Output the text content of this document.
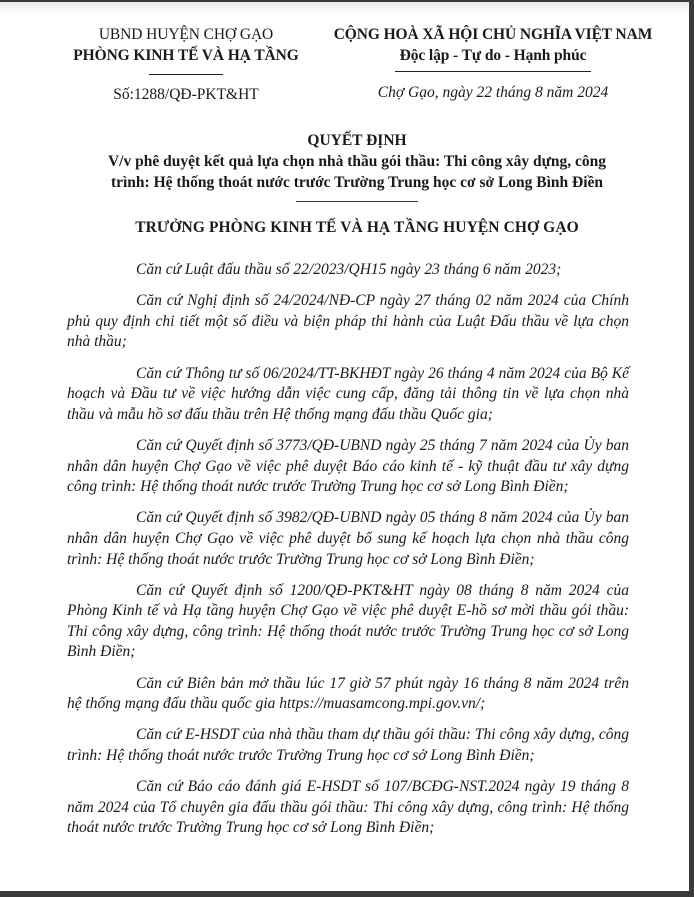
UBND HUYỆN CHỢ GẠO
PHÒNG KINH TẾ VÀ HẠ TẦNG
Số:1288/QĐ-PKT&HT
CỘNG HOÀ XÃ HỘI CHỦ NGHĨA VIỆT NAM
Độc lập - Tự do - Hạnh phúc
Chợ Gạo, ngày 22 tháng 8 năm 2024
QUYẾT ĐỊNH
V/v phê duyệt kết quả lựa chọn nhà thầu gói thầu: Thi công xây dựng, công
trình: Hệ thống thoát nước trước Trường Trung học cơ sở Long Bình Điền
TRƯỞNG PHÒNG KINH TẾ VÀ HẠ TẦNG HUYỆN CHỢ GẠO

Căn cứ Luật đấu thầu số 22/2023/QH15 ngày 23 tháng 6 năm 2023;

Căn cứ Nghị định số 24/2024/NĐ-CP ngày 27 tháng 02 năm 2024 của Chính phủ quy định chi tiết một số điều và biện pháp thi hành của Luật Đấu thầu về lựa chọn nhà thầu;

Căn cứ Thông tư số 06/2024/TT-BKHĐT ngày 26 tháng 4 năm 2024 của Bộ Kế hoạch và Đầu tư về việc hướng dẫn việc cung cấp, đăng tải thông tin về lựa chọn nhà thầu và mẫu hồ sơ đấu thầu trên Hệ thống mạng đấu thầu Quốc gia;

Căn cứ Quyết định số 3773/QĐ-UBND ngày 25 tháng 7 năm 2024 của Ủy ban nhân dân huyện Chợ Gạo về việc phê duyệt Báo cáo kinh tế - kỹ thuật đầu tư xây dựng công trình: Hệ thống thoát nước trước Trường Trung học cơ sở Long Bình Điền;

Căn cứ Quyết định số 3982/QĐ-UBND ngày 05 tháng 8 năm 2024 của Ủy ban nhân dân huyện Chợ Gạo về việc phê duyệt bổ sung kế hoạch lựa chọn nhà thầu công trình: Hệ thống thoát nước trước Trường Trung học cơ sở Long Bình Điền;

Căn cứ Quyết định số 1200/QĐ-PKT&HT ngày 08 tháng 8 năm 2024 của Phòng Kinh tế và Hạ tầng huyện Chợ Gạo về việc phê duyệt E-hồ sơ mời thầu gói thầu: Thi công xây dựng, công trình: Hệ thống thoát nước trước Trường Trung học cơ sở Long Bình Điền;

Căn cứ Biên bản mở thầu lúc 17 giờ 57 phút ngày 16 tháng 8 năm 2024 trên hệ thống mạng đấu thầu quốc gia https://muasamcong.mpi.gov.vn/;

Căn cứ E-HSDT của nhà thầu tham dự thầu gói thầu: Thi công xây dựng, công trình: Hệ thống thoát nước trước Trường Trung học cơ sở Long Bình Điền;

Căn cứ Báo cáo đánh giá E-HSDT số 107/BCĐG-NST.2024 ngày 19 tháng 8 năm 2024 của Tổ chuyên gia đấu thầu gói thầu: Thi công xây dựng, công trình: Hệ thống thoát nước trước Trường Trung học cơ sở Long Bình Điền;
